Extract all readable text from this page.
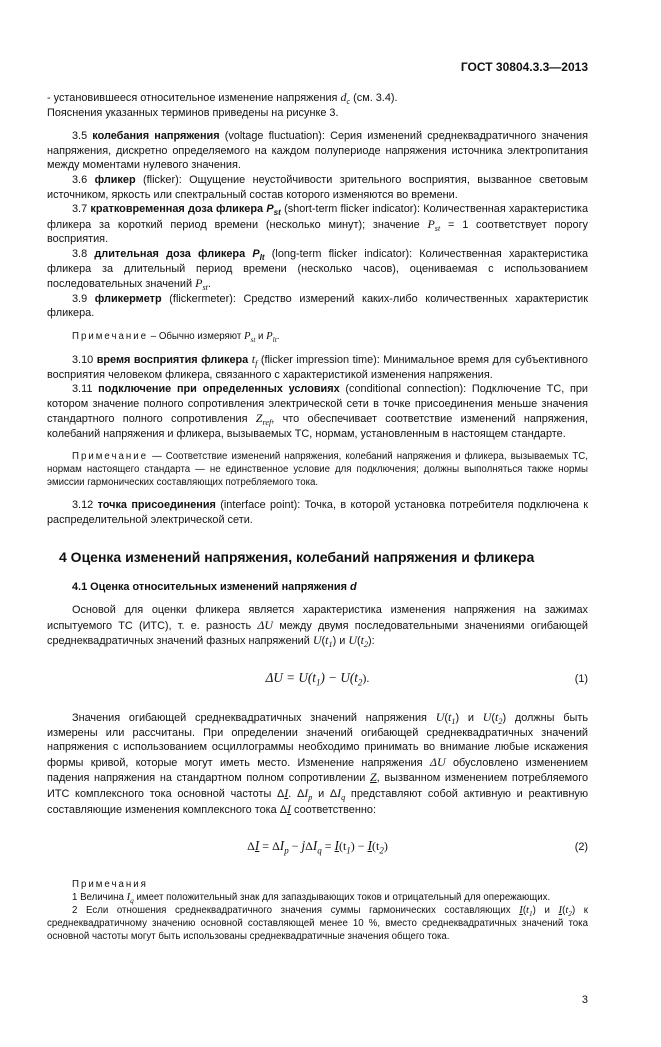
ГОСТ 30804.3.3—2013
- установившееся относительное изменение напряжения $d_c$ (см. 3.4).
Пояснения указанных терминов приведены на рисунке 3.
3.5 колебания напряжения (voltage fluctuation): Серия изменений среднеквадратичного значения напряжения, дискретно определяемого на каждом полупериоде напряжения источника электропитания между моментами нулевого значения.
3.6 фликер (flicker): Ощущение неустойчивости зрительного восприятия, вызванное световым источником, яркость или спектральный состав которого изменяются во времени.
3.7 кратковременная доза фликера $P_{st}$ (short-term flicker indicator): Количественная характеристика фликера за короткий период времени (несколько минут); значение $P_{st} = 1$ соответствует порогу восприятия.
3.8 длительная доза фликера $P_{lt}$ (long-term flicker indicator): Количественная характеристика фликера за длительный период времени (несколько часов), оцениваемая с использованием последовательных значений $P_{st}$.
3.9 фликерметр (flickermeter): Средство измерений каких-либо количественных характеристик фликера.
Примечание – Обычно измеряют $P_{st}$ и $P_{lt}$.
3.10 время восприятия фликера $t_f$ (flicker impression time): Минимальное время для субъективного восприятия человеком фликера, связанного с характеристикой изменения напряжения.
3.11 подключение при определенных условиях (conditional connection): Подключение ТС, при котором значение полного сопротивления электрической сети в точке присоединения меньше значения стандартного полного сопротивления $Z_{ref}$, что обеспечивает соответствие изменений напряжения, колебаний напряжения и фликера, вызываемых ТС, нормам, установленным в настоящем стандарте.
Примечание — Соответствие изменений напряжения, колебаний напряжения и фликера, вызываемых ТС, нормам настоящего стандарта — не единственное условие для подключения; должны выполняться также нормы эмиссии гармонических составляющих потребляемого тока.
3.12 точка присоединения (interface point): Точка, в которой установка потребителя подключена к распределительной электрической сети.
4 Оценка изменений напряжения, колебаний напряжения и фликера
4.1 Оценка относительных изменений напряжения d
Основой для оценки фликера является характеристика изменения напряжения на зажимах испытуемого ТС (ИТС), т. е. разность ΔU между двумя последовательными значениями огибающей среднеквадратичных значений фазных напряжений $U(t_1)$ и $U(t_2)$:
$\Delta U = U(t_1) - U(t_2)$.	(1)
Значения огибающей среднеквадратичных значений напряжения $U(t_1)$ и $U(t_2)$ должны быть измерены или рассчитаны. При определении значений огибающей среднеквадратичных значений напряжения с использованием осциллограммы необходимо принимать во внимание любые искажения формы кривой, которые могут иметь место. Изменение напряжения ΔU обусловлено изменением падения напряжения на стандартном полном сопротивлении Z, вызванном изменением потребляемого ИТС комплексного тока основной частоты ΔI. $\Delta I_p$ и $\Delta I_q$ представляют собой активную и реактивную составляющие изменения комплексного тока ΔI соответственно:
$\Delta I = \Delta I_p - j\Delta I_q = I(t_1) - I(t_2)$	(2)
Примечания
1 Величина $I_q$ имеет положительный знак для запаздывающих токов и отрицательный для опережающих.
2 Если отношения среднеквадратичного значения суммы гармонических составляющих $I(t_1)$ и $I(t_2)$ к среднеквадратичному значению основной составляющей менее 10 %, вместо среднеквадратичных значений тока основной частоты могут быть использованы среднеквадратичные значения общего тока.
3
